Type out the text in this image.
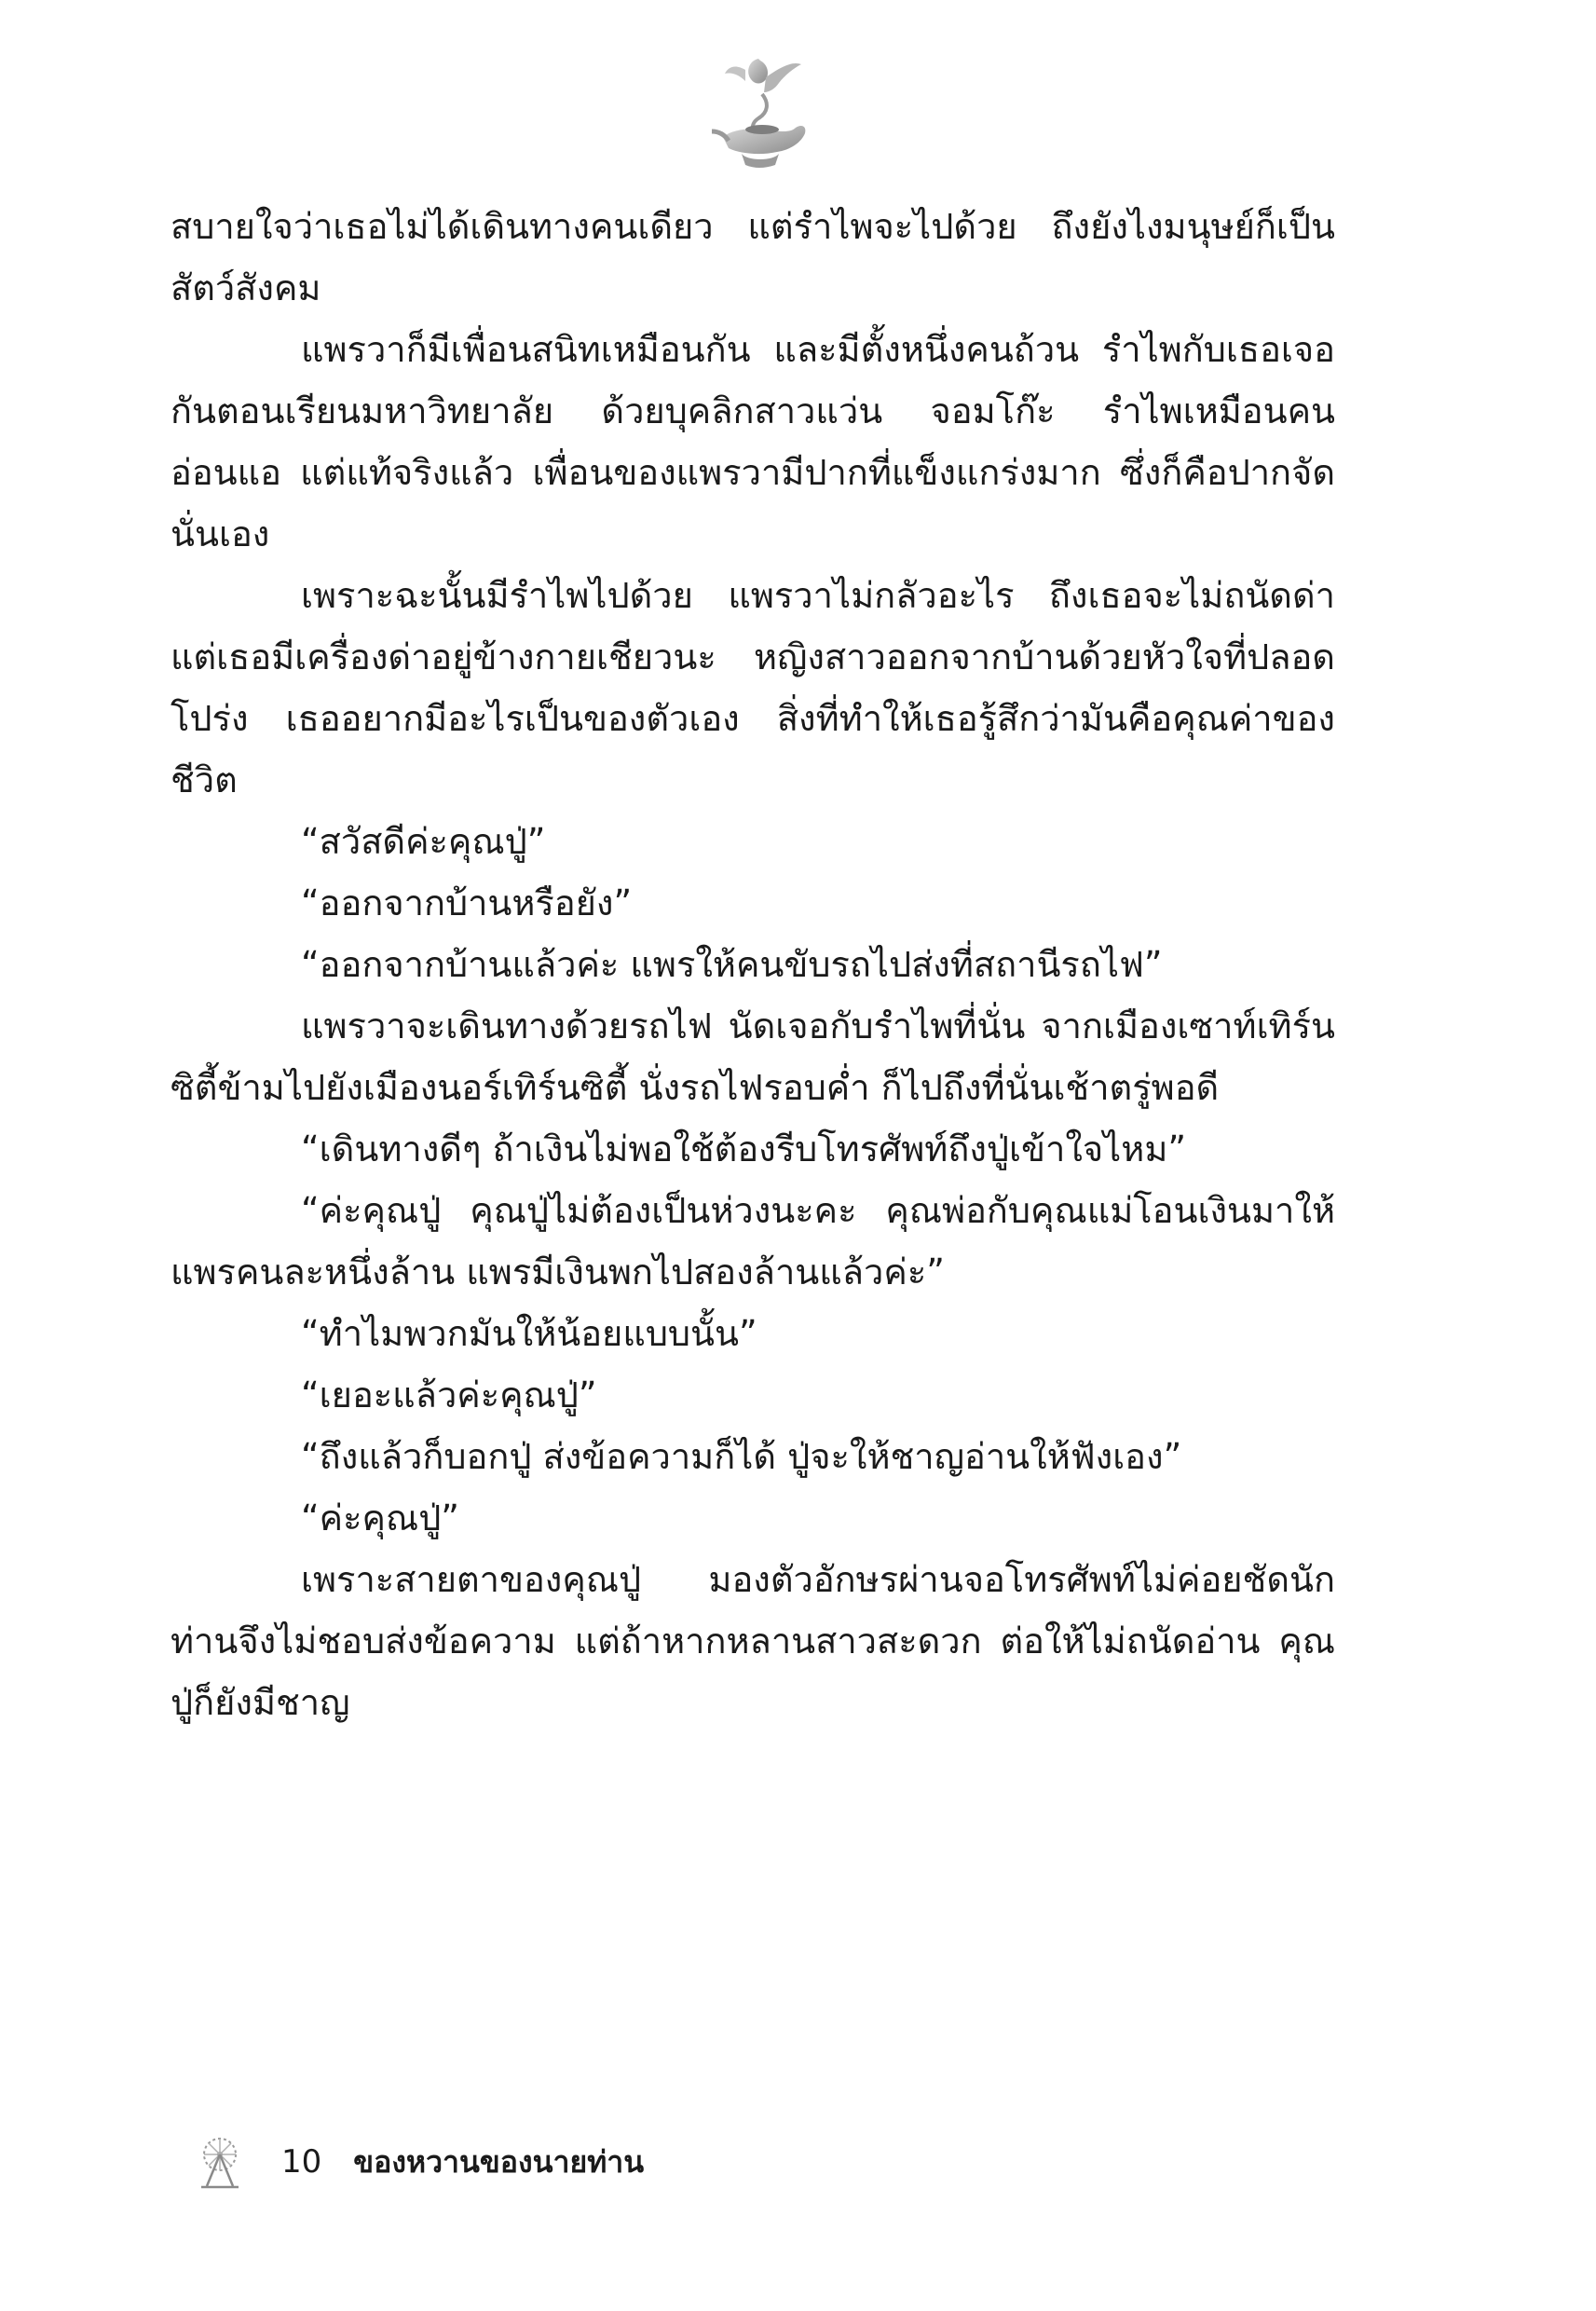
สบายใจว่าเธอไม่ได้เดินทางคนเดียว แต่รำไพจะไปด้วย ถึงยังไงมนุษย์ก็เป็นสัตว์สังคม

แพรวาก็มีเพื่อนสนิทเหมือนกัน และมีตั้งหนึ่งคนถ้วน รำไพกับเธอเจอกันตอนเรียนมหาวิทยาลัย ด้วยบุคลิกสาวแว่น จอมโก๊ะ รำไพเหมือนคนอ่อนแอ แต่แท้จริงแล้ว เพื่อนของแพรวามีปากที่แข็งแกร่งมาก ซึ่งก็คือปากจัดนั่นเอง

เพราะฉะนั้นมีรำไพไปด้วย แพรวาไม่กลัวอะไร ถึงเธอจะไม่ถนัดด่า แต่เธอมีเครื่องด่าอยู่ข้างกายเชียวนะ หญิงสาวออกจากบ้านด้วยหัวใจที่ปลอดโปร่ง เธออยากมีอะไรเป็นของตัวเอง สิ่งที่ทำให้เธอรู้สึกว่ามันคือคุณค่าของชีวิต

“สวัสดีค่ะคุณปู่”

“ออกจากบ้านหรือยัง”

“ออกจากบ้านแล้วค่ะ แพรให้คนขับรถไปส่งที่สถานีรถไฟ”

แพรวาจะเดินทางด้วยรถไฟ นัดเจอกับรำไพที่นั่น จากเมืองเซาท์เทิร์นซิตี้ข้ามไปยังเมืองนอร์เทิร์นซิตี้ นั่งรถไฟรอบค่ำ ก็ไปถึงที่นั่นเช้าตรู่พอดี

“เดินทางดีๆ ถ้าเงินไม่พอใช้ต้องรีบโทรศัพท์ถึงปู่เข้าใจไหม”

“ค่ะคุณปู่ คุณปู่ไม่ต้องเป็นห่วงนะคะ คุณพ่อกับคุณแม่โอนเงินมาให้แพรคนละหนึ่งล้าน แพรมีเงินพกไปสองล้านแล้วค่ะ”

“ทำไมพวกมันให้น้อยแบบนั้น”

“เยอะแล้วค่ะคุณปู่”

“ถึงแล้วก็บอกปู่ ส่งข้อความก็ได้ ปู่จะให้ชาญอ่านให้ฟังเอง”

“ค่ะคุณปู่”

เพราะสายตาของคุณปู่ มองตัวอักษรผ่านจอโทรศัพท์ไม่ค่อยชัดนัก ท่านจึงไม่ชอบส่งข้อความ แต่ถ้าหากหลานสาวสะดวก ต่อให้ไม่ถนัดอ่าน คุณปู่ก็ยังมีชาญ

10 ของหวานของนายท่าน
